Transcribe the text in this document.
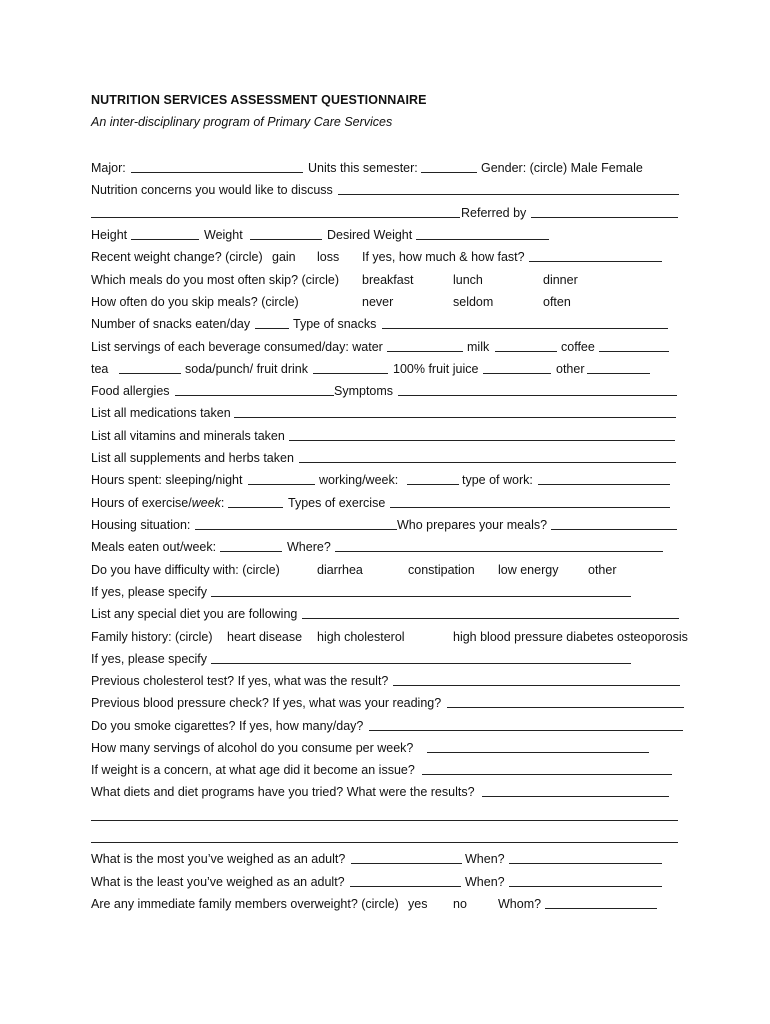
NUTRITION SERVICES ASSESSMENT QUESTIONNAIRE
An inter-disciplinary program of Primary Care Services
Major:	Units this semester:	Gender: (circle) Male Female
Nutrition concerns you would like to discuss
Referred by
Height	Weight	Desired Weight
Recent weight change? (circle) gain loss If yes, how much & how fast?
Which meals do you most often skip? (circle) breakfast	lunch	dinner
How often do you skip meals? (circle)	never	seldom	often
Number of snacks eaten/day	Type of snacks
List servings of each beverage consumed/day: water	milk	coffee
tea	soda/punch/ fruit drink	100% fruit juice	other
Food allergies	Symptoms
List all medications taken
List all vitamins and minerals taken
List all supplements and herbs taken
Hours spent: sleeping/night	working/week:	type of work:
Hours of exercise/week:	Types of exercise
Housing situation:	Who prepares your meals?
Meals eaten out/week:	Where?
Do you have difficulty with: (circle)	diarrhea	constipation low energy other
If yes, please specify
List any special diet you are following
Family history: (circle) heart disease high cholesterol	high blood pressure diabetes osteoporosis
If yes, please specify
Previous cholesterol test? If yes, what was the result?
Previous blood pressure check? If yes, what was your reading?
Do you smoke cigarettes? If yes, how many/day?
How many servings of alcohol do you consume per week?
If weight is a concern, at what age did it become an issue?
What diets and diet programs have you tried? What were the results?
What is the most you’ve weighed as an adult?	When?
What is the least you’ve weighed as an adult?	When?
Are any immediate family members overweight? (circle) yes no Whom?
